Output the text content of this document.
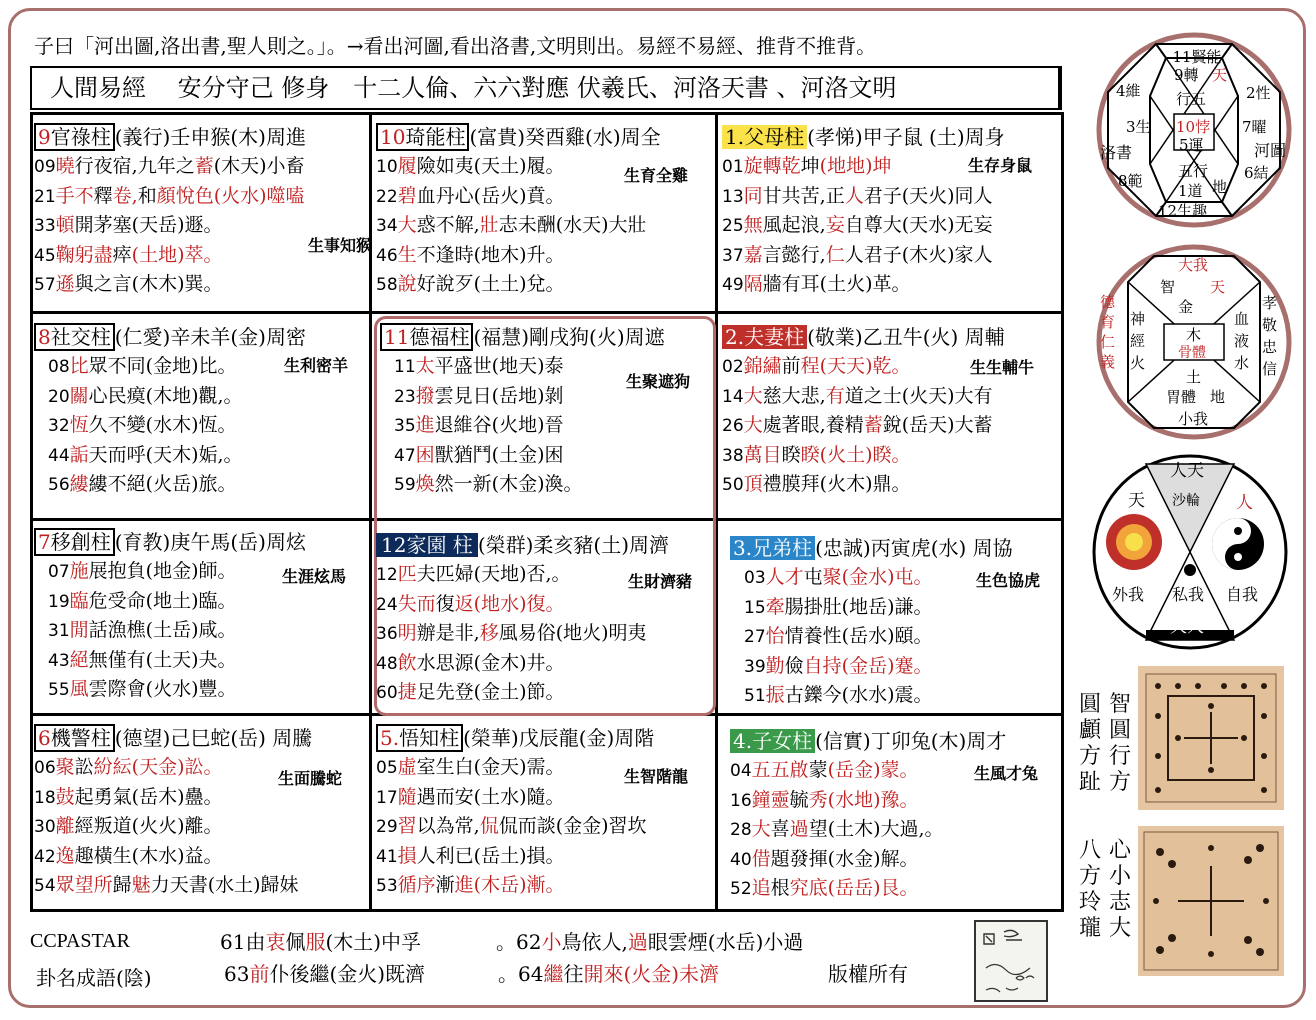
子曰「河出圖,洛出書,聖人則之。」。→看出河圖,看出洛書,文明則出。易經不易經、推背不推背。
人間易經　 安分守己 修身　十二人倫、六六對應 伏羲氏、河洛天書 、河洛文明
9官祿柱 (義行)壬申猴(木)周進
09曉行夜宿,九年之蓄(木天)小畜
21手不釋卷,和顏悅色(火水)噬嗑
33頓開茅塞(天岳)遯。
45鞠躬盡瘁(土地)萃。
57遜與之言(木木)巽。
生事知猴
10琦能柱 (富貴)癸酉雞(水)周全
10履險如夷(天土)履。
22碧血丹心(岳火)賁。
34大惑不解,壯志未酬(水天)大壯
46生不逢時(地木)升。
58說好說歹(土土)兌。
生育全雞
1.父母柱 (孝悌)甲子鼠 (土)周身
01旋轉乾坤(地地)坤
13同甘共苦,正人君子(天火)同人
25無風起浪,妄自尊大(天水)无妄
37嘉言懿行,仁人君子(木火)家人
49隔牆有耳(土火)革。
生存身鼠
8社交柱 (仁愛)辛未羊(金)周密
08比眾不同(金地)比。
20關心民瘼(木地)觀,。
32恆久不變(水木)恆。
44詬天而呼(天木)姤,。
56縷縷不絕(火岳)旅。
生利密羊
11德福柱 (福慧)剛戌狗(火)周遮
11太平盛世(地天)泰
23撥雲見日(岳地)剝
35進退維谷(火地)晉
47困獸猶鬥(土金)困
59煥然一新(木金)渙。
生聚遮狗
2.夫妻柱 (敬業)乙丑牛(火) 周輔
02錦繡前程(天天)乾。
14大慈大悲,有道之士(火天)大有
26大處著眼,養精蓄銳(岳天)大蓄
38萬目睽睽(火土)睽。
50頂禮膜拜(火木)鼎。
生生輔牛
7移創柱 (育教)庚午馬(岳)周炫
07施展抱負(地金)師。
19臨危受命(地土)臨。
31閒話漁樵(土岳)咸。
43絕無僅有(土天)夬。
55風雲際會(火水)豐。
生涯炫馬
12家園 柱 (榮群)柔亥豬(土)周濟
12匹夫匹婦(天地)否,。
24失而復返(地水)復。
36明辦是非,移風易俗(地火)明夷
48飲水思源(金木)井。
60捷足先登(金土)節。
生財濟豬
3.兄弟柱 (忠誠)丙寅虎(水) 周協
03人才屯聚(金水)屯。
15牽腸掛肚(地岳)謙。
27怡情養性(岳水)頤。
39勤儉自持(金岳)蹇。
51振古鑠今(水水)震。
生色協虎
6機警柱 (德望)己巳蛇(岳) 周騰
06聚訟紛紜(天金)訟。
18鼓起勇氣(岳木)蠱。
30離經叛道(火火)離。
42逸趣橫生(木水)益。
54眾望所歸魅力天書(水土)歸妹
生面騰蛇
5.悟知柱 (榮華)戊辰龍(金)周階
05虛室生白(金天)需。
17隨遇而安(土水)隨。
29習以為常,侃侃而談(金金)習坎
41損人利已(岳土)損。
53循序漸進(木岳)漸。
生智階龍
4.子女柱 (信實)丁卯兔(木)周才
04五五啟蒙(岳金)蒙。
16鐘靈毓秀(水地)豫。
28大喜過望(土木)大過,。
40借題發揮(水金)解。
52追根究底(岳岳)艮。
生風才兔
CCPASTAR
卦名成語(陰)
61由衷佩服(木土)中孚	。62小鳥依人,過眼雲煙(水岳)小過
63前仆後繼(金火)既濟	。64繼往開來(火金)未濟	版權所有
11賢能
4維	2性
9轉 天
行五
3生	7曜
10悖
5運
洛書	河圖
8範	6結
五行
1道 地
12生趣
大我
智
金
天
德
育
仁
義
神
經
火
木
骨體
血
液
水
孝
敬
忠
信
土
胃體 地
小我
人天
沙輪
天	人
外我 私我 自我
天人
圓
顱
方
趾
智
圓
行
方
八
方
玲
瓏
心
小
志
大
